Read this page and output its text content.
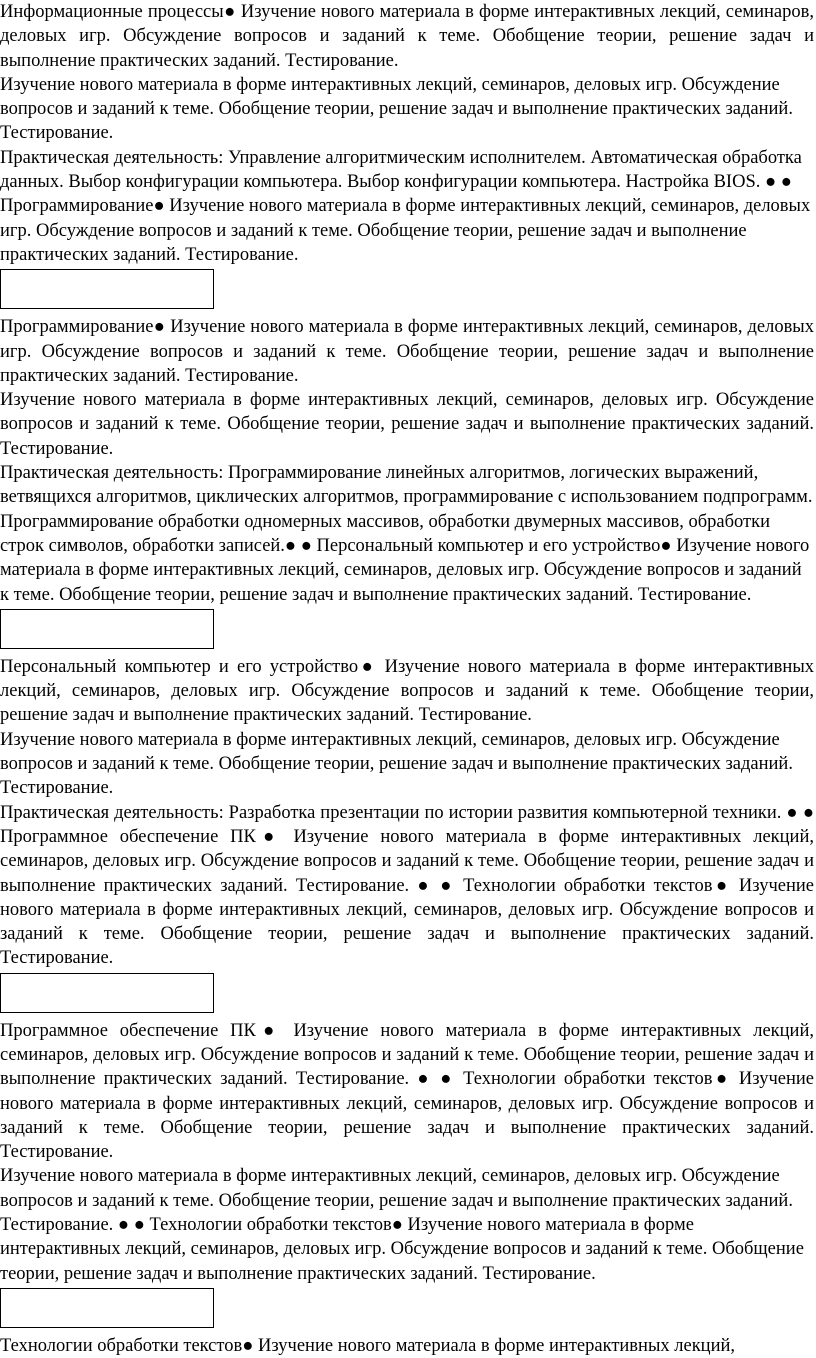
Информационные процессы● Изучение нового материала в форме интерактивных лекций, семинаров, деловых игр. Обсуждение вопросов и заданий к теме. Обобщение теории, решение задач и выполнение практических заданий. Тестирование.

Изучение нового материала в форме интерактивных лекций, семинаров, деловых игр. Обсуждение вопросов и заданий к теме. Обобщение теории, решение задач и выполнение практических заданий. Тестирование.

Практическая деятельность: Управление алгоритмическим исполнителем. Автоматическая обработка данных. Выбор конфигурации компьютера. Выбор конфигурации компьютера. Настройка BIOS. ● ● Программирование● Изучение нового материала в форме интерактивных лекций, семинаров, деловых игр. Обсуждение вопросов и заданий к теме. Обобщение теории, решение задач и выполнение практических заданий. Тестирование.

Программирование● Изучение нового материала в форме интерактивных лекций, семинаров, деловых игр. Обсуждение вопросов и заданий к теме. Обобщение теории, решение задач и выполнение практических заданий. Тестирование.

Изучение нового материала в форме интерактивных лекций, семинаров, деловых игр. Обсуждение вопросов и заданий к теме. Обобщение теории, решение задач и выполнение практических заданий. Тестирование.

Практическая деятельность: Программирование линейных алгоритмов, логических выражений, ветвящихся алгоритмов, циклических алгоритмов, программирование с использованием подпрограмм. Программирование обработки одномерных массивов, обработки двумерных массивов, обработки строк символов, обработки записей.● ● Персональный компьютер и его устройство● Изучение нового материала в форме интерактивных лекций, семинаров, деловых игр. Обсуждение вопросов и заданий к теме. Обобщение теории, решение задач и выполнение практических заданий. Тестирование.

Персональный компьютер и его устройство● Изучение нового материала в форме интерактивных лекций, семинаров, деловых игр. Обсуждение вопросов и заданий к теме. Обобщение теории, решение задач и выполнение практических заданий. Тестирование.

Изучение нового материала в форме интерактивных лекций, семинаров, деловых игр. Обсуждение вопросов и заданий к теме. Обобщение теории, решение задач и выполнение практических заданий. Тестирование.

Практическая деятельность: Разработка презентации по истории развития компьютерной техники. ● ● Программное обеспечение ПК● Изучение нового материала в форме интерактивных лекций, семинаров, деловых игр. Обсуждение вопросов и заданий к теме. Обобщение теории, решение задач и выполнение практических заданий. Тестирование. ● ● Технологии обработки текстов● Изучение нового материала в форме интерактивных лекций, семинаров, деловых игр. Обсуждение вопросов и заданий к теме. Обобщение теории, решение задач и выполнение практических заданий. Тестирование.

Программное обеспечение ПК● Изучение нового материала в форме интерактивных лекций, семинаров, деловых игр. Обсуждение вопросов и заданий к теме. Обобщение теории, решение задач и выполнение практических заданий. Тестирование. ● ● Технологии обработки текстов● Изучение нового материала в форме интерактивных лекций, семинаров, деловых игр. Обсуждение вопросов и заданий к теме. Обобщение теории, решение задач и выполнение практических заданий. Тестирование.

Изучение нового материала в форме интерактивных лекций, семинаров, деловых игр. Обсуждение вопросов и заданий к теме. Обобщение теории, решение задач и выполнение практических заданий. Тестирование. ● ● Технологии обработки текстов● Изучение нового материала в форме интерактивных лекций, семинаров, деловых игр. Обсуждение вопросов и заданий к теме. Обобщение теории, решение задач и выполнение практических заданий. Тестирование.

Технологии обработки текстов● Изучение нового материала в форме интерактивных лекций,
